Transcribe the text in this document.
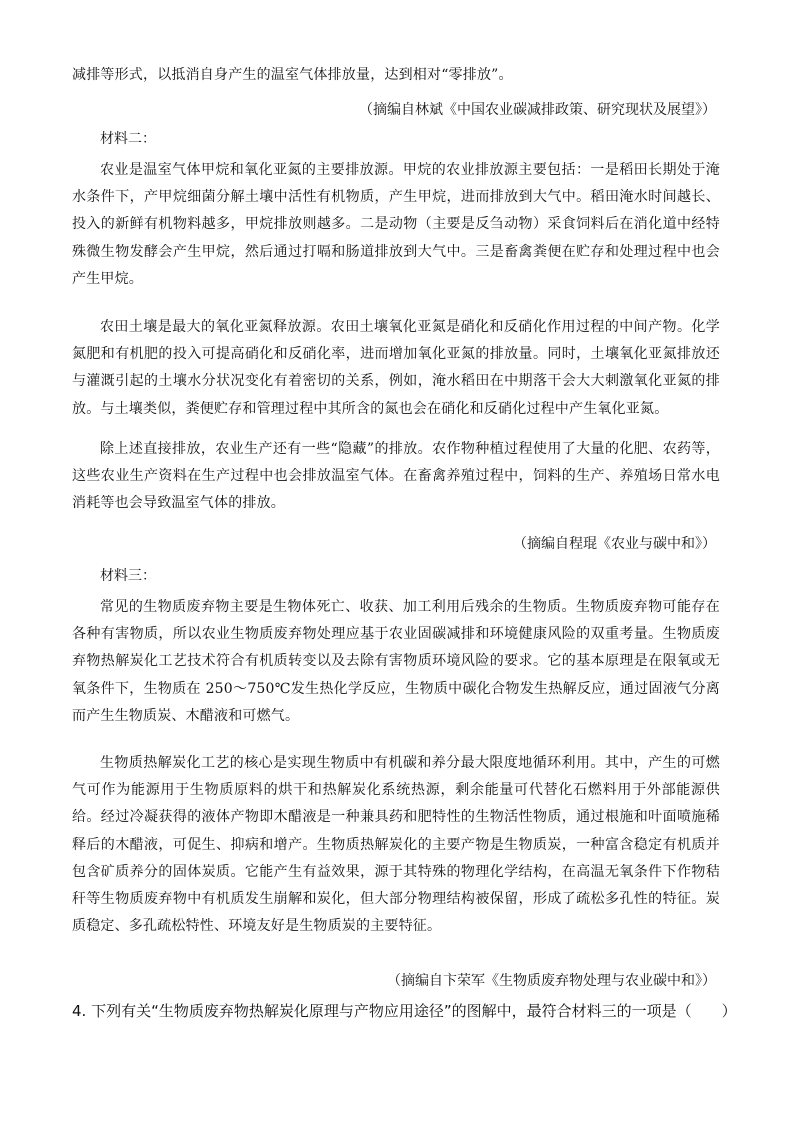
减排等形式，以抵消自身产生的温室气体排放量，达到相对“零排放”。
（摘编自林斌《中国农业碳减排政策、研究现状及展望》）
材料二：
农业是温室气体甲烷和氧化亚氮的主要排放源。甲烷的农业排放源主要包括：一是稻田长期处于淹水条件下，产甲烷细菌分解土壤中活性有机物质，产生甲烷，进而排放到大气中。稻田淹水时间越长、投入的新鲜有机物料越多，甲烷排放则越多。二是动物（主要是反刍动物）采食饲料后在消化道中经特殊微生物发酵会产生甲烷，然后通过打嗝和肠道排放到大气中。三是畜禽粪便在贮存和处理过程中也会产生甲烷。
农田土壤是最大的氧化亚氮释放源。农田土壤氧化亚氮是硝化和反硝化作用过程的中间产物。化学氮肥和有机肥的投入可提高硝化和反硝化率，进而增加氧化亚氮的排放量。同时，土壤氧化亚氮排放还与灌溉引起的土壤水分状况变化有着密切的关系，例如，淹水稻田在中期落干会大大刺激氧化亚氮的排放。与土壤类似，粪便贮存和管理过程中其所含的氮也会在硝化和反硝化过程中产生氧化亚氮。
除上述直接排放，农业生产还有一些“隐藏”的排放。农作物种植过程使用了大量的化肥、农药等，这些农业生产资料在生产过程中也会排放温室气体。在畜禽养殖过程中，饲料的生产、养殖场日常水电消耗等也会导致温室气体的排放。
（摘编自程琨《农业与碳中和》）
材料三：
常见的生物质废弃物主要是生物体死亡、收获、加工利用后残余的生物质。生物质废弃物可能存在各种有害物质，所以农业生物质废弃物处理应基于农业固碳减排和环境健康风险的双重考量。生物质废弃物热解炭化工艺技术符合有机质转变以及去除有害物质环境风险的要求。它的基本原理是在限氧或无氧条件下，生物质在 250～750℃发生热化学反应，生物质中碳化合物发生热解反应，通过固液气分离而产生生物质炭、木醋液和可燃气。
生物质热解炭化工艺的核心是实现生物质中有机碳和养分最大限度地循环利用。其中，产生的可燃气可作为能源用于生物质原料的烘干和热解炭化系统热源，剩余能量可代替化石燃料用于外部能源供给。经过冷凝获得的液体产物即木醋液是一种兼具药和肥特性的生物活性物质，通过根施和叶面喷施稀释后的木醋液，可促生、抑病和增产。生物质热解炭化的主要产物是生物质炭，一种富含稳定有机质并包含矿质养分的固体炭质。它能产生有益效果，源于其特殊的物理化学结构，在高温无氧条件下作物秸秆等生物质废弃物中有机质发生崩解和炭化，但大部分物理结构被保留，形成了疏松多孔性的特征。炭质稳定、多孔疏松特性、环境友好是生物质炭的主要特征。
（摘编自卞荣军《生物质废弃物处理与农业碳中和》）
4. 下列有关“生物质废弃物热解炭化原理与产物应用途径”的图解中，最符合材料三的一项是（　　）
